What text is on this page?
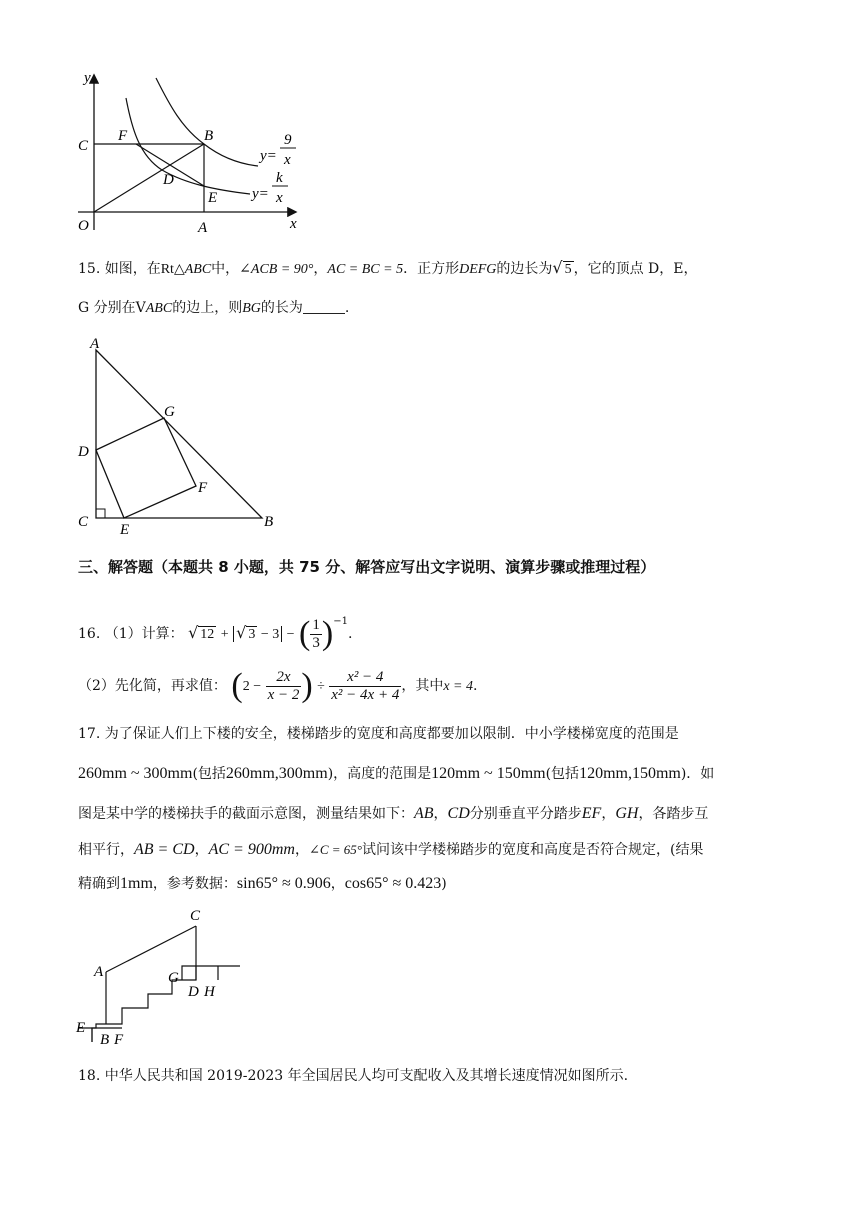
y
x
O	A
B
C
D
E
F
y=
9
x
y=
k
x
15. 如图，在Rt△ABC中，∠ACB = 90°，AC = BC = 5．正方形DEFG的边长为√ 5 ，它的顶点 D，E，
G 分别在VABC的边上，则BG的长为	.
A
G
D
F
C E	B
三、解答题（本题共 8 小题，共 75 分、解答应写出文字说明、演算步骤或推理过程）
16. （1）计算： √ 12 + √ 3 − 3 − ( $\frac{1}{3} )^{-1}$.
（2）先化简，再求值： ($2 - \frac{2x}{x - 2}$ ) ÷ $\frac{\text{x² − 4}}{\text{x² − 4x + 4}}$ ，其中x = 4.
17. 为了保证人们上下楼的安全，楼梯踏步的宽度和高度都要加以限制．中小学楼梯宽度的范围是
260mm ~ 300mm(包括260mm,300mm)，高度的范围是120mm ~ 150mm(包括120mm,150mm)．如
图是某中学的楼梯扶手的截面示意图，测量结果如下：AB，CD分别垂直平分踏步EF，GH，各踏步互
相平行，AB = CD，AC = 900mm，∠C = 65°试问该中学楼梯踏步的宽度和高度是否符合规定，(结果
精确到1mm，参考数据：sin65° ≈ 0.906，cos65° ≈ 0.423)
C
A	G
D H
E
B F
18. 中华人民共和国 2019-2023 年全国居民人均可支配收入及其增长速度情况如图所示.
